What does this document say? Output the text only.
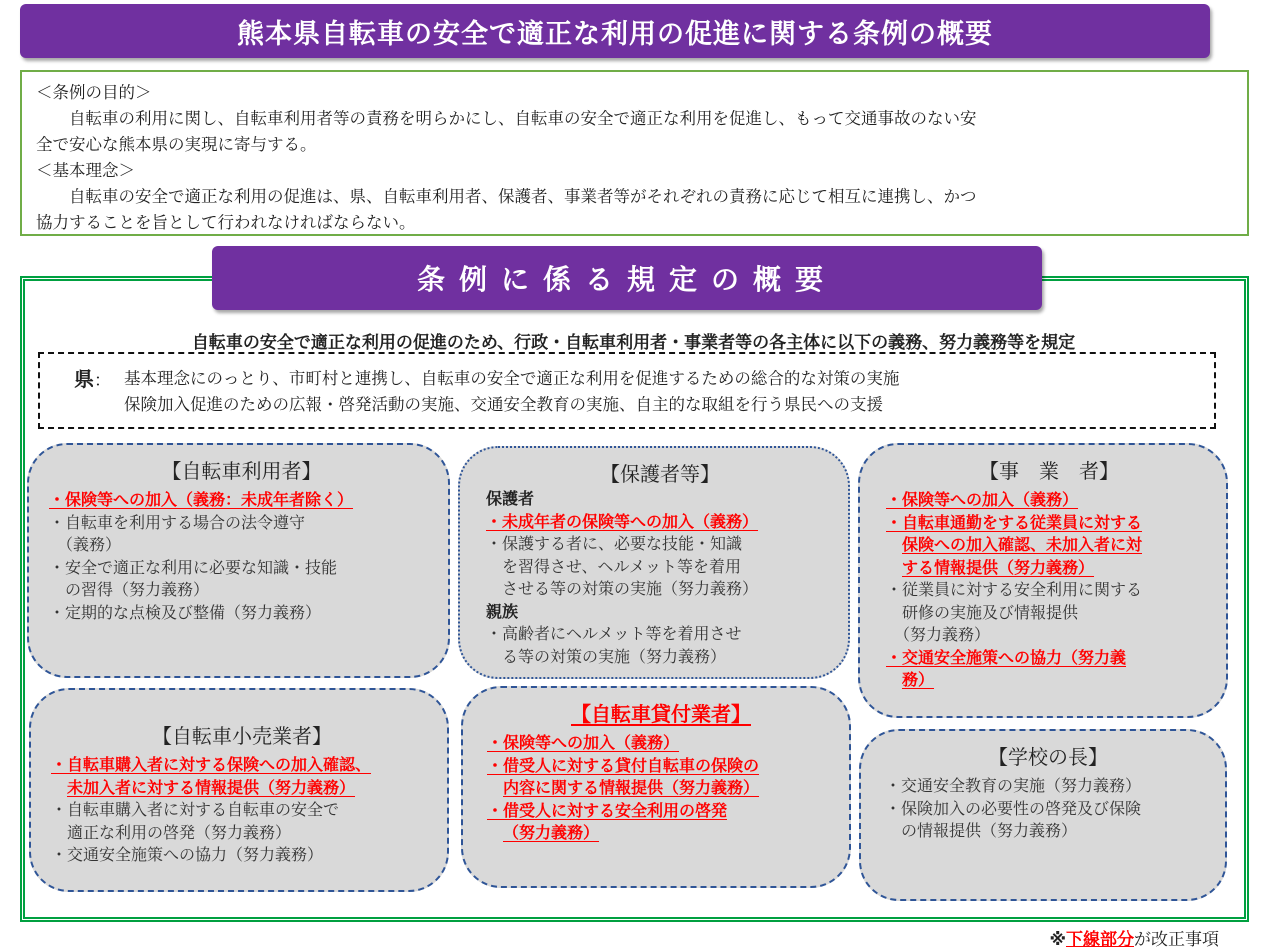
熊本県自転車の安全で適正な利用の促進に関する条例の概要
＜条例の目的＞
自転車の利用に関し、自転車利用者等の責務を明らかにし、自転車の安全で適正な利用を促進し、もって交通事故のない安
全で安心な熊本県の実現に寄与する。
＜基本理念＞
自転車の安全で適正な利用の促進は、県、自転車利用者、保護者、事業者等がそれぞれの責務に応じて相互に連携し、かつ
協力することを旨として行われなければならない。
条例に係る規定の概要
自転車の安全で適正な利用の促進のため、行政・自転車利用者・事業者等の各主体に以下の義務、努力義務等を規定
県： 基本理念にのっとり、市町村と連携し、自転車の安全で適正な利用を促進するための総合的な対策の実施
保険加入促進のための広報・啓発活動の実施、交通安全教育の実施、自主的な取組を行う県民への支援
【自転車利用者】
・保険等への加入（義務：未成年者除く）
・自転車を利用する場合の法令遵守
（義務）
・安全で適正な利用に必要な知識・技能
の習得（努力義務）
・定期的な点検及び整備（努力義務）
【保護者等】
保護者
・未成年者の保険等への加入（義務）
・保護する者に、必要な技能・知識
を習得させ、ヘルメット等を着用
させる等の対策の実施（努力義務）
親族
・高齢者にヘルメット等を着用させ
る等の対策の実施（努力義務）
【事　業　者】
・保険等への加入（義務）
・自転車通勤をする従業員に対する
保険への加入確認、未加入者に対
する情報提供（努力義務）
・従業員に対する安全利用に関する
研修の実施及び情報提供
（努力義務）
・交通安全施策への協力（努力義
務）
【自転車小売業者】
・自転車購入者に対する保険への加入確認、
未加入者に対する情報提供（努力義務）
・自転車購入者に対する自転車の安全で
適正な利用の啓発（努力義務）
・交通安全施策への協力（努力義務）
【自転車貸付業者】
・保険等への加入（義務）
・借受人に対する貸付自転車の保険の
内容に関する情報提供（努力義務）
・借受人に対する安全利用の啓発
（努力義務）
【学校の長】
・交通安全教育の実施（努力義務）
・保険加入の必要性の啓発及び保険
の情報提供（努力義務）
※下線部分が改正事項
